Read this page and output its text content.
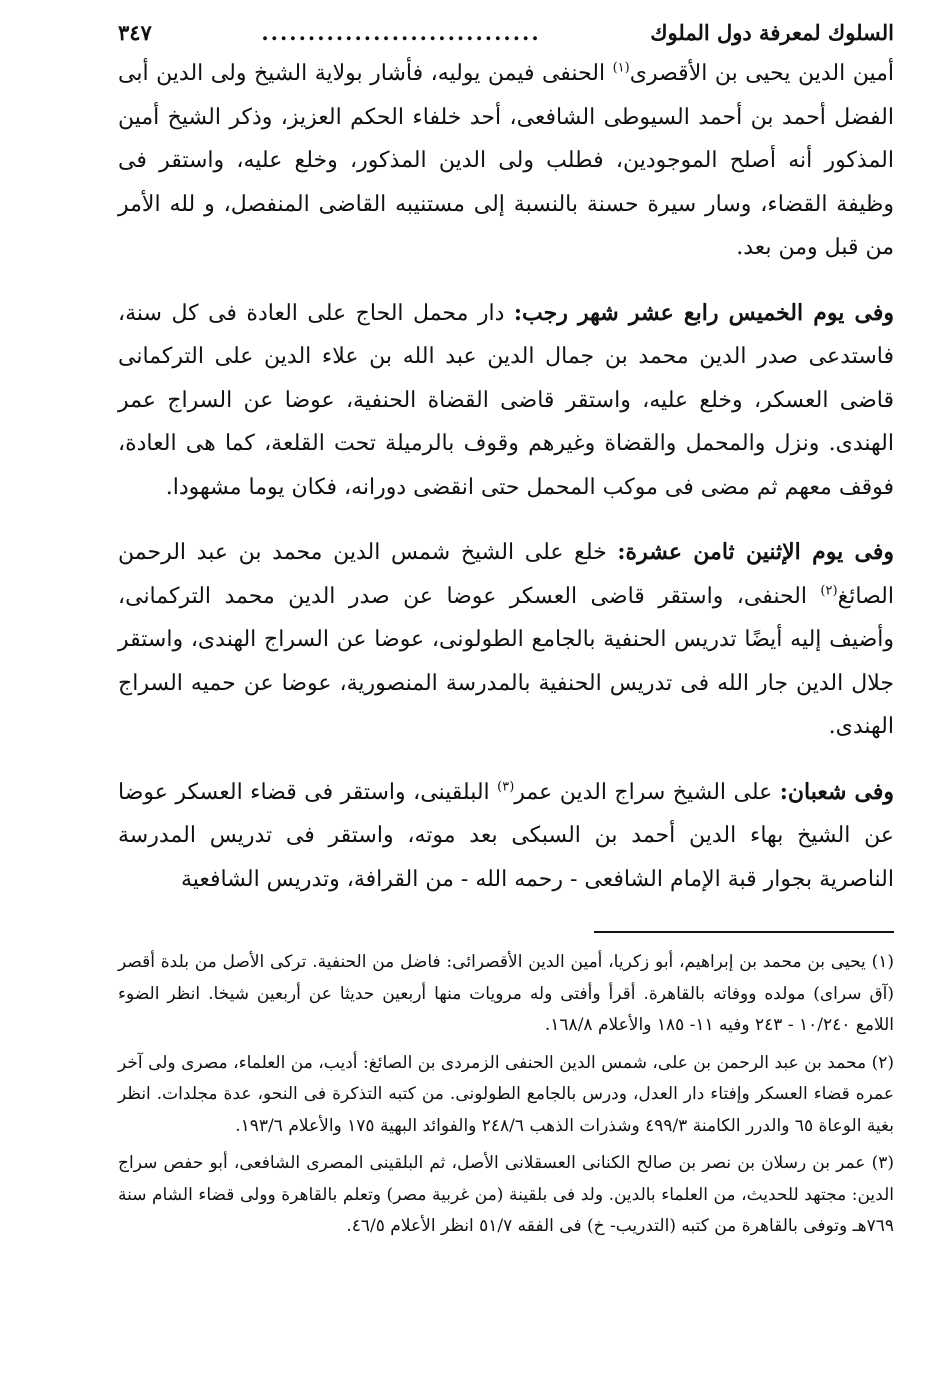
السلوك لمعرفة دول الملوك
..............................
٣٤٧

أمين الدين يحيى بن الأقصرى$^{(١)}$ الحنفى فيمن يوليه، فأشار بولاية الشيخ ولى الدين أبى الفضل أحمد بن أحمد السيوطى الشافعى، أحد خلفاء الحكم العزيز، وذكر الشيخ أمين المذكور أنه أصلح الموجودين، فطلب ولى الدين المذكور، وخلع عليه، واستقر فى وظيفة القضاء، وسار سيرة حسنة بالنسبة إلى مستنيبه القاضى المنفصل، و لله الأمر من قبل ومن بعد.

وفى يوم الخميس رابع عشر شهر رجب: دار محمل الحاج على العادة فى كل سنة، فاستدعى صدر الدين محمد بن جمال الدين عبد الله بن علاء الدين على التركمانى قاضى العسكر، وخلع عليه، واستقر قاضى القضاة الحنفية، عوضا عن السراج عمر الهندى. ونزل والمحمل والقضاة وغيرهم وقوف بالرميلة تحت القلعة، كما هى العادة، فوقف معهم ثم مضى فى موكب المحمل حتى انقضى دورانه، فكان يوما مشهودا.

وفى يوم الإثنين ثامن عشرة: خلع على الشيخ شمس الدين محمد بن عبد الرحمن الصائغ$^{(٢)}$ الحنفى، واستقر قاضى العسكر عوضا عن صدر الدين محمد التركمانى، وأضيف إليه أيضًا تدريس الحنفية بالجامع الطولونى، عوضا عن السراج الهندى، واستقر جلال الدين جار الله فى تدريس الحنفية بالمدرسة المنصورية، عوضا عن حميه السراج الهندى.

وفى شعبان: على الشيخ سراج الدين عمر$^{(٣)}$ البلقينى، واستقر فى قضاء العسكر عوضا عن الشيخ بهاء الدين أحمد بن السبكى بعد موته، واستقر فى تدريس المدرسة الناصرية بجوار قبة الإمام الشافعى - رحمه الله - من القرافة، وتدريس الشافعية

(١) يحيى بن محمد بن إبراهيم، أبو زكريا، أمين الدين الأقصرائى: فاضل من الحنفية. تركى الأصل من بلدة أقصر (آق سراى) مولده ووفاته بالقاهرة. أقرأ وأفتى وله مرويات منها أربعين حديثا عن أربعين شيخا. انظر الضوء اللامع ١٠/٢٤٠ - ٢٤٣ وفيه ١١- ١٨٥ والأعلام ١٦٨/٨.

(٢) محمد بن عبد الرحمن بن على، شمس الدين الحنفى الزمردى بن الصائغ: أديب، من العلماء، مصرى ولى آخر عمره قضاء العسكر وإفتاء دار العدل، ودرس بالجامع الطولونى. من كتبه التذكرة فى النحو، عدة مجلدات. انظر بغية الوعاة ٦٥ والدرر الكامنة ٤٩٩/٣ وشذرات الذهب ٢٤٨/٦ والفوائد البهية ١٧٥ والأعلام ١٩٣/٦.

(٣) عمر بن رسلان بن نصر بن صالح الكنانى العسقلانى الأصل، ثم البلقينى المصرى الشافعى، أبو حفص سراج الدين: مجتهد للحديث، من العلماء بالدين. ولد فى بلقينة (من غربية مصر) وتعلم بالقاهرة وولى قضاء الشام سنة ٧٦٩هـ وتوفى بالقاهرة من كتبه (التدريب- خ) فى الفقه ٥١/٧ انظر الأعلام ٤٦/٥.
